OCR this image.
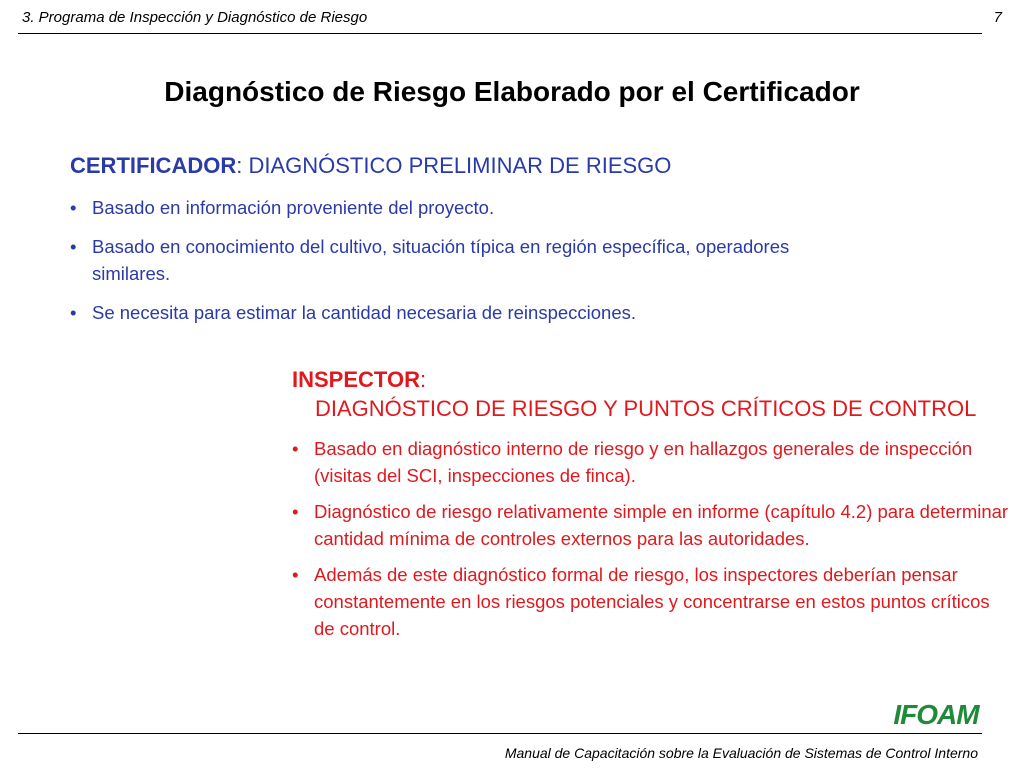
3. Programa de Inspección y Diagnóstico de Riesgo	7
Diagnóstico de Riesgo Elaborado por el Certificador
CERTIFICADOR: DIAGNÓSTICO PRELIMINAR DE RIESGO
• Basado en información proveniente del proyecto.
• Basado en conocimiento del cultivo, situación típica en región específica, operadores similares.
• Se necesita para estimar la cantidad necesaria de reinspecciones.
INSPECTOR:
DIAGNÓSTICO DE RIESGO Y PUNTOS CRÍTICOS DE CONTROL
• Basado en diagnóstico interno de riesgo y en hallazgos generales de inspección (visitas del SCI, inspecciones de finca).
• Diagnóstico de riesgo relativamente simple en informe (capítulo 4.2) para determinar cantidad mínima de controles externos para las autoridades.
• Además de este diagnóstico formal de riesgo, los inspectores deberían pensar constantemente en los riesgos potenciales y concentrarse en estos puntos críticos de control.
IFOAM
Manual de Capacitación sobre la Evaluación de Sistemas de Control Interno
